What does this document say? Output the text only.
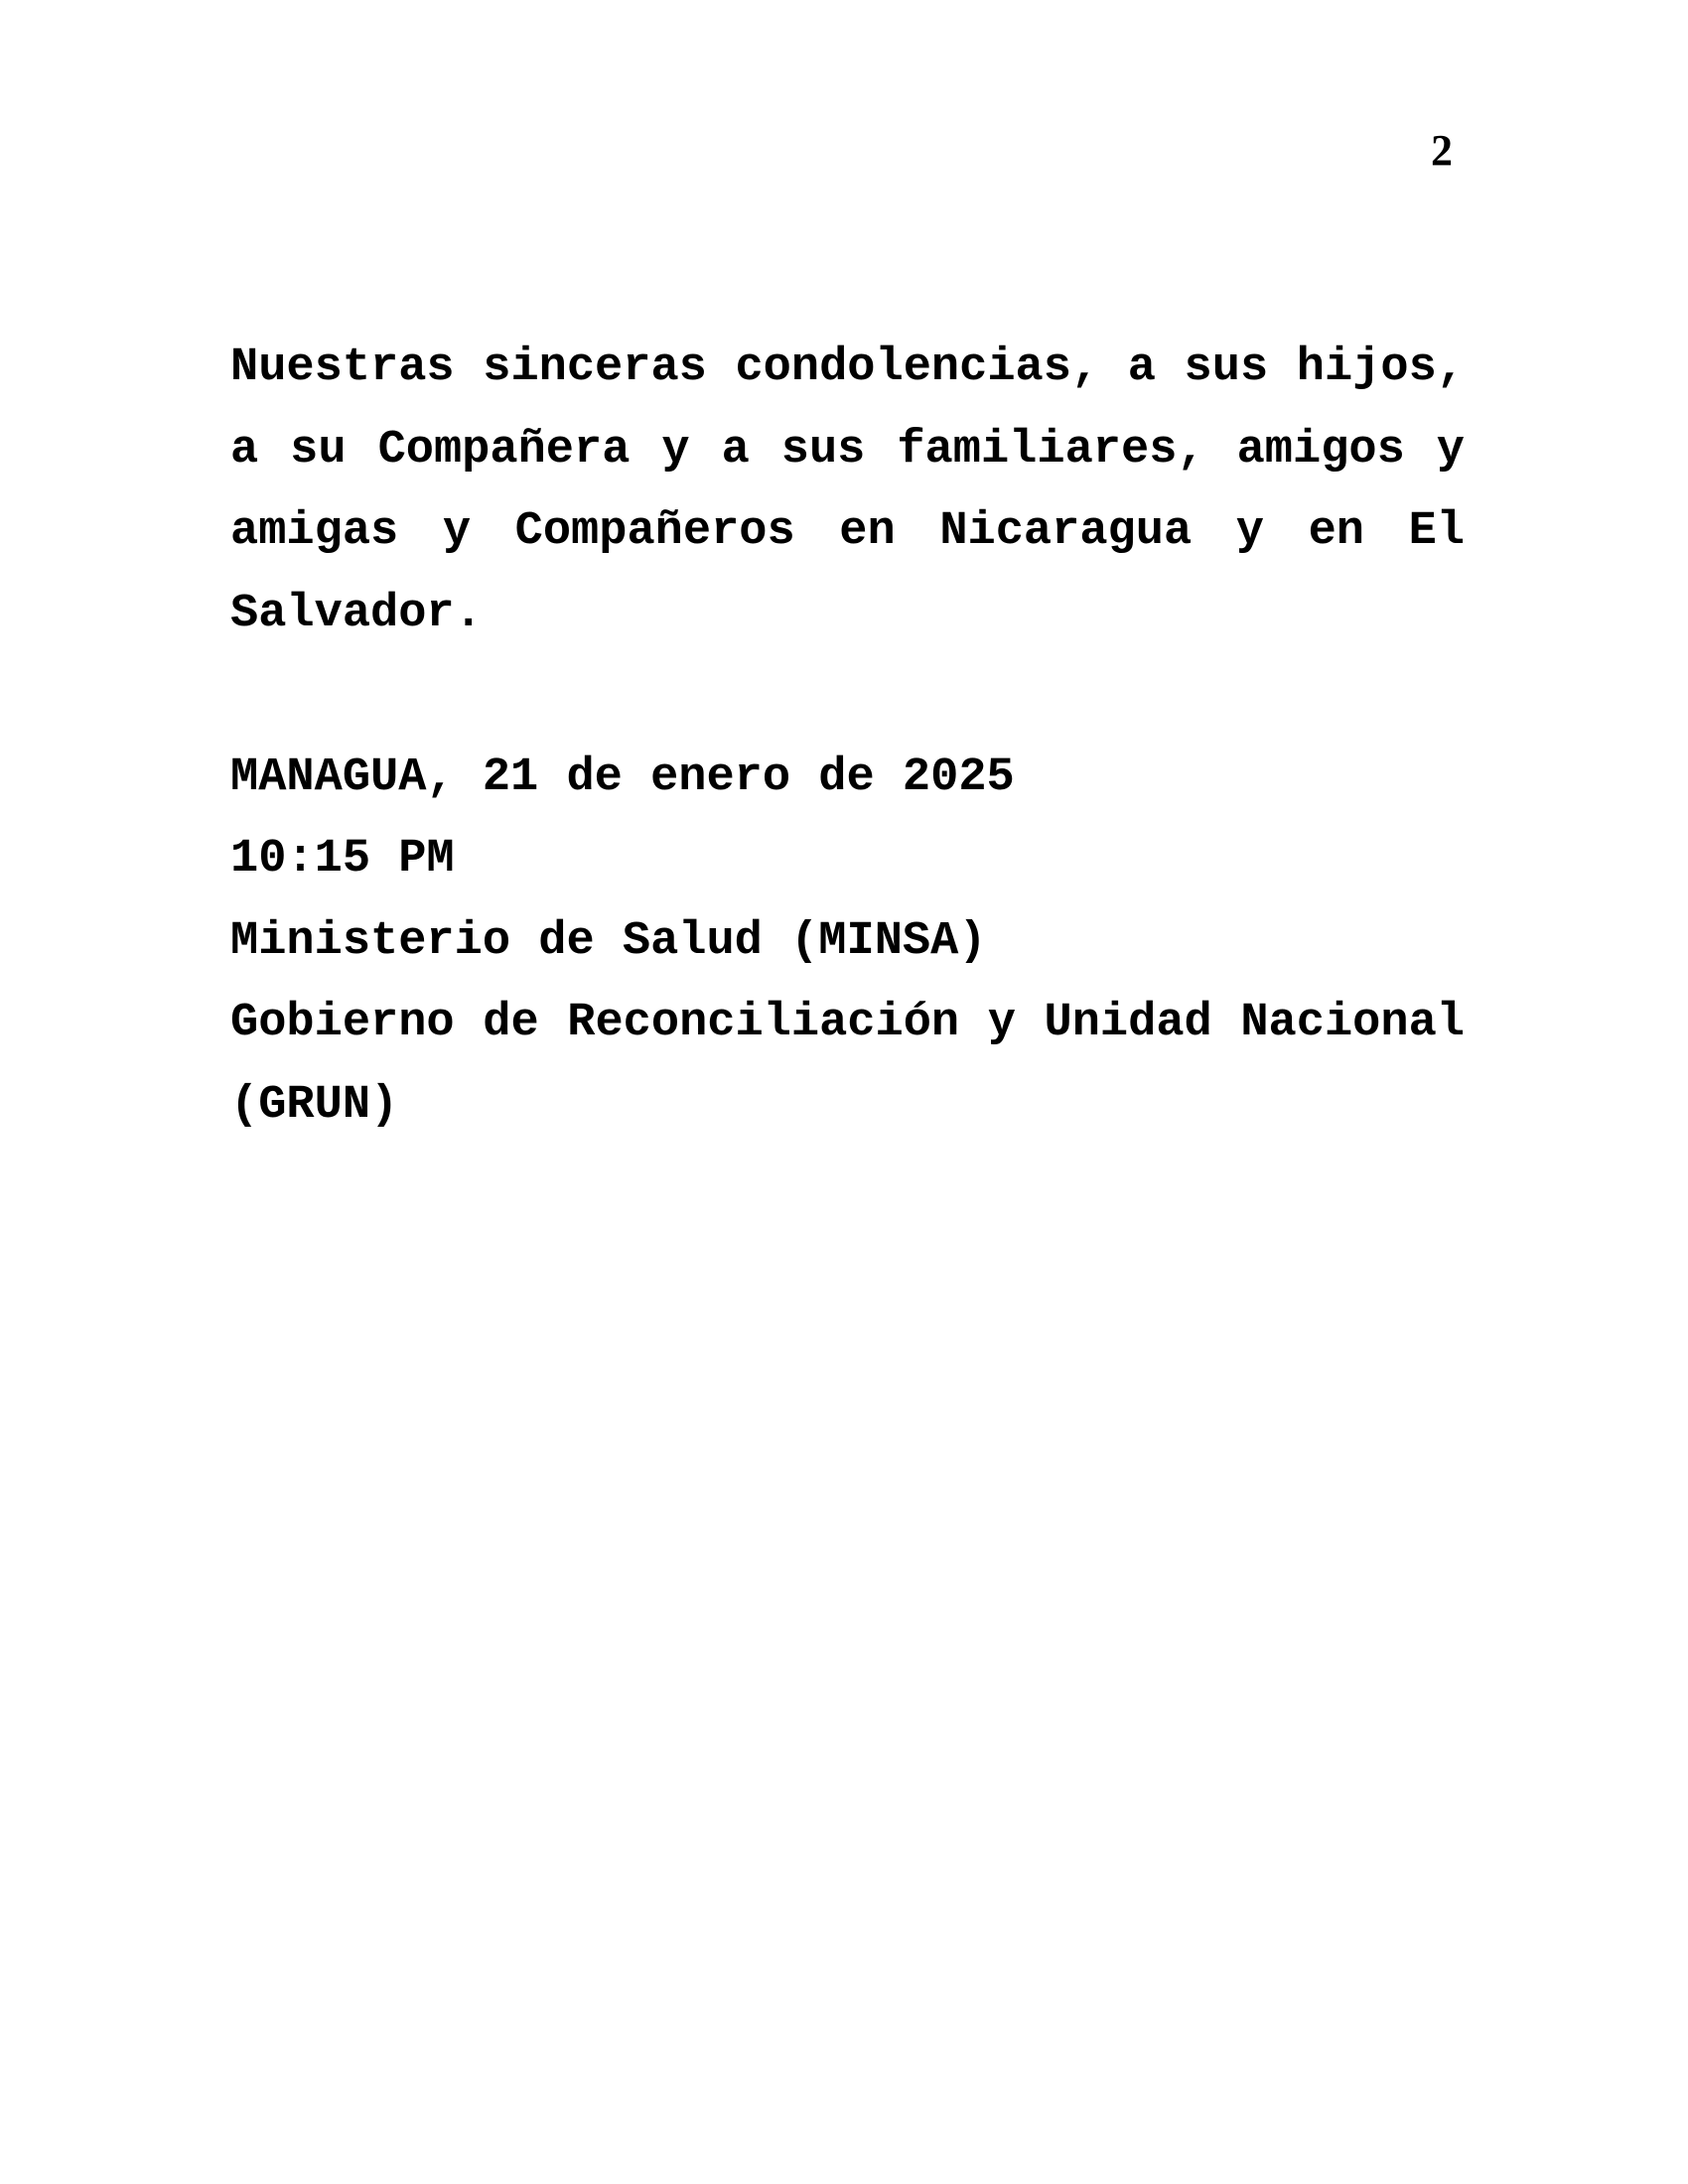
2

Nuestras sinceras condolencias, a sus hijos, a su Compañera y a sus familiares, amigos y amigas y Compañeros en Nicaragua y en El Salvador.

MANAGUA, 21 de enero de 2025

10:15 PM

Ministerio de Salud (MINSA)

Gobierno de Reconciliación y Unidad Nacional (GRUN)
